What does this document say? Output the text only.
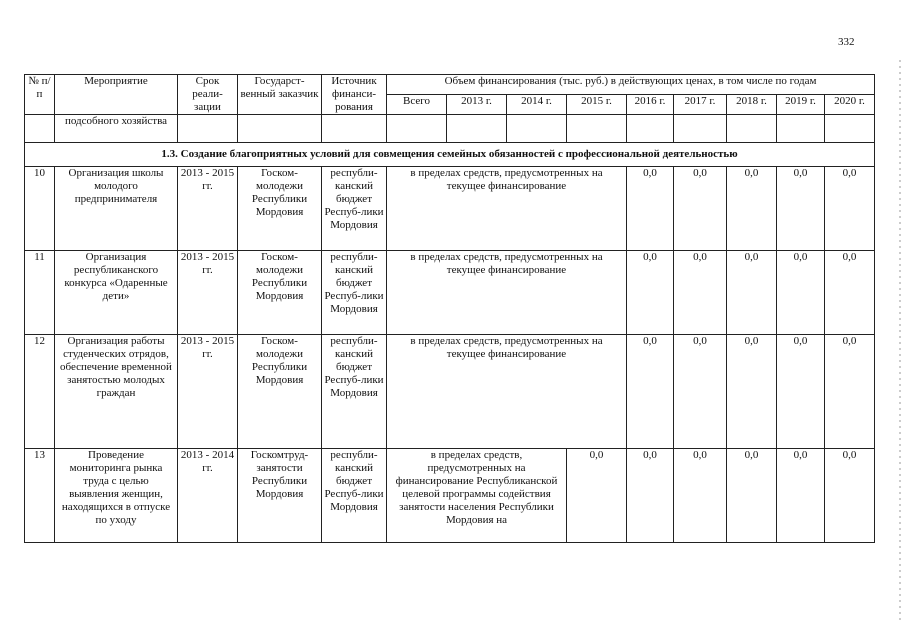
332
№ п/п	Мероприятие	Срок реали-зации	Государст-венный заказчик	Источник финанси-рования	Объем финансирования (тыс. руб.) в действующих ценах, в том числе по годам								
					Всего	2013 г.	2014 г.	2015 г.	2016 г.	2017 г.	2018 г.	2019 г.	2020 г.
	подсобного хозяйства												
1.3. Создание благоприятных условий для совмещения семейных обязанностей с профессиональной деятельностью													
10	Организация школы молодого предпринимателя	2013 - 2015 гг.	Госком-молодежи Республики Мордовия	республи-канский бюджет Респуб-лики Мордовия	в пределах средств, предусмотренных на текущее финансирование				0,0	0,0	0,0	0,0	0,0
11	Организация республиканского конкурса «Одаренные дети»	2013 - 2015 гг.	Госком-молодежи Республики Мордовия	республи-канский бюджет Респуб-лики Мордовия	в пределах средств, предусмотренных на текущее финансирование				0,0	0,0	0,0	0,0	0,0
12	Организация работы студенческих отрядов, обеспечение временной занятостью молодых граждан	2013 - 2015 гг.	Госком-молодежи Республики Мордовия	республи-канский бюджет Респуб-лики Мордовия	в пределах средств, предусмотренных на текущее финансирование				0,0	0,0	0,0	0,0	0,0
13	Проведение мониторинга рынка труда с целью выявления женщин, находящихся в отпуске по уходу	2013 - 2014 гг.	Госкомтруд-занятости Республики Мордовия	республи-канский бюджет Респуб-лики Мордовия	в пределах средств, предусмотренных на финансирование Республиканской целевой программы содействия занятости населения Республики Мордовия на			0,0	0,0	0,0	0,0	0,0	0,0
